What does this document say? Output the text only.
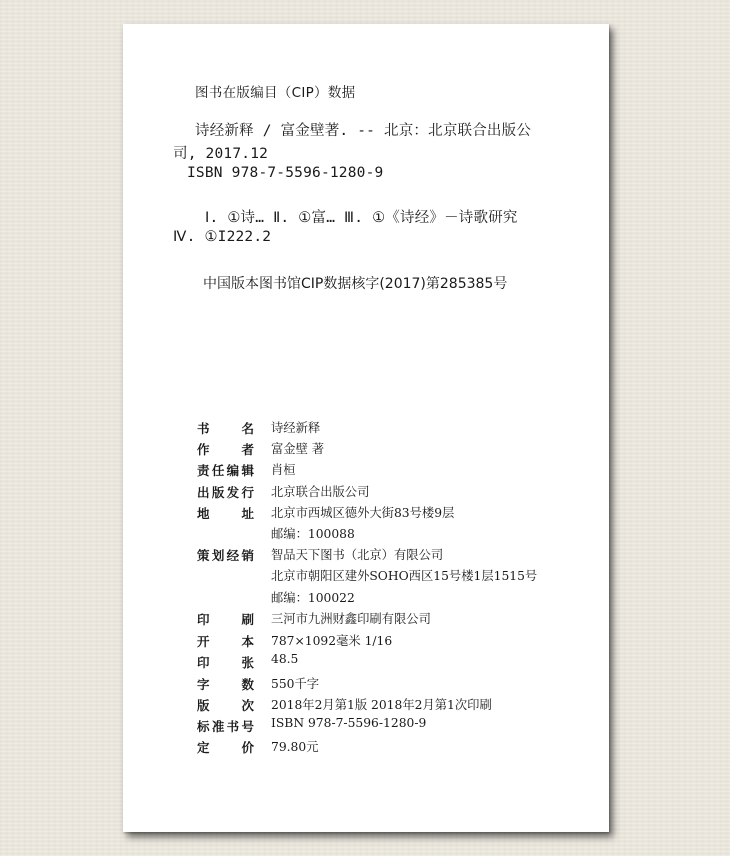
图书在版编目（CIP）数据
诗经新释 / 富金壁著. -- 北京：北京联合出版公
司, 2017.12
ISBN 978-7-5596-1280-9
Ⅰ. ①诗… Ⅱ. ①富… Ⅲ. ①《诗经》－诗歌研究
Ⅳ. ①I222.2
中国版本图书馆CIP数据核字(2017)第285385号
书名 诗经新释
作者 富金壁 著
责任编辑 肖桓
出版发行 北京联合出版公司
地址 北京市西城区德外大街83号楼9层
邮编：100088
策划经销 智品天下图书（北京）有限公司
北京市朝阳区建外SOHO西区15号楼1层1515号
邮编：100022
印刷 三河市九洲财鑫印刷有限公司
开本 787×1092毫米 1/16
印张 48.5
字数 550千字
版次 2018年2月第1版 2018年2月第1次印刷
标准书号 ISBN 978-7-5596-1280-9
定价 79.80元
